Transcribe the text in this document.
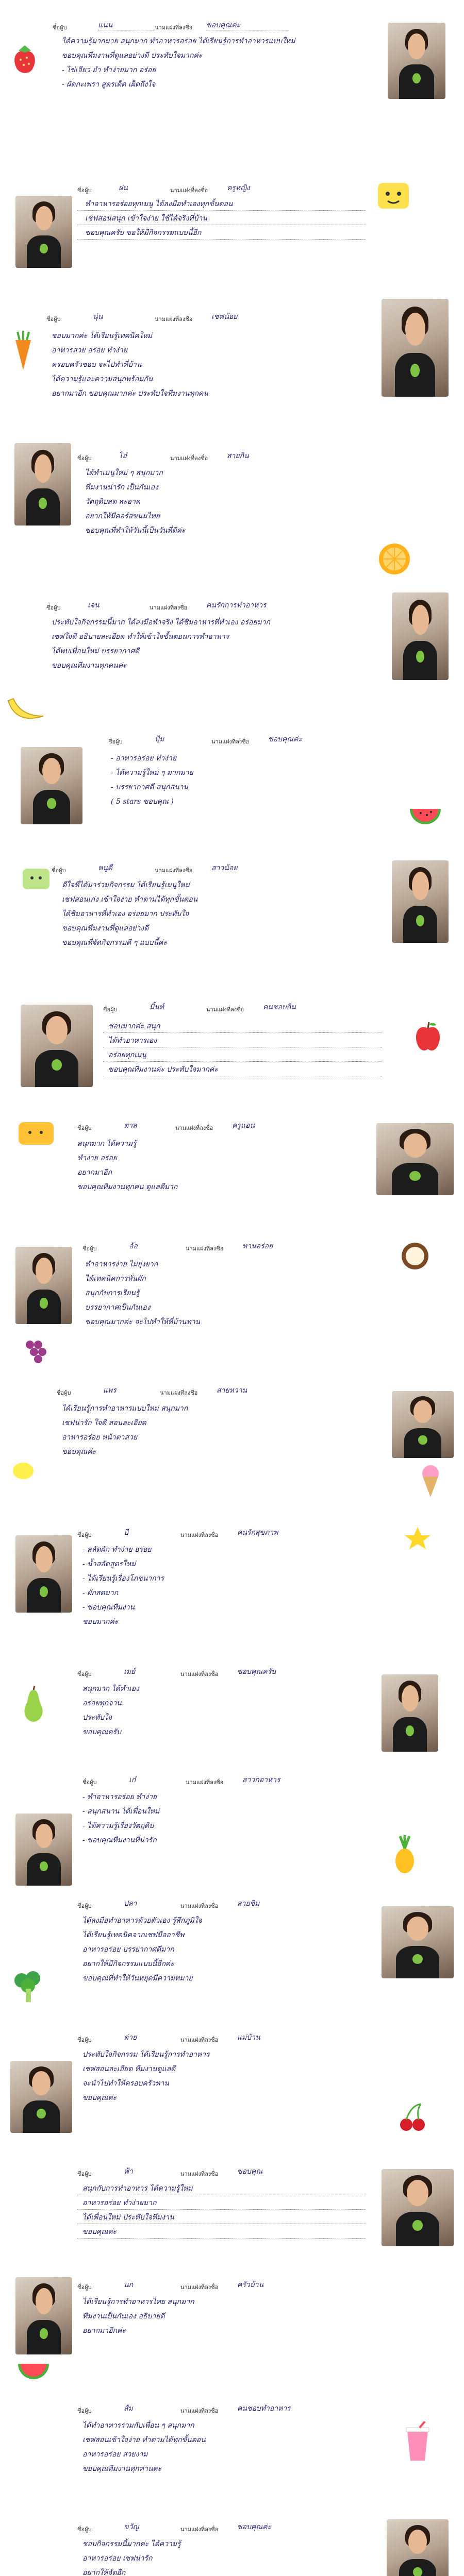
ชื่อผู้บ	แนน	นามแฝงที่ลงชื่อ ขอบคุณค่ะ
ได้ความรู้มากมาย สนุกมาก ทำอาหารอร่อย ได้เรียนรู้การทำอาหารแบบใหม่
ขอบคุณทีมงานที่ดูแลอย่างดี ประทับใจมากค่ะ
- ไข่เจียว ยำ ทำง่ายมาก อร่อย
- ผัดกะเพรา สูตรเด็ด เผ็ดถึงใจ
ชื่อผู้บ	ฝน	นามแฝงที่ลงชื่อ	ครูหญิง
ทำอาหารอร่อยทุกเมนู ได้ลงมือทำเองทุกขั้นตอน
เชฟสอนสนุก เข้าใจง่าย ใช้ได้จริงที่บ้าน
ขอบคุณครับ ขอให้มีกิจกรรมแบบนี้อีก
ชื่อผู้บ	นุ่น	นามแฝงที่ลงชื่อ	เชฟน้อย
ชอบมากค่ะ ได้เรียนรู้เทคนิคใหม่
อาหารสวย อร่อย ทำง่าย
ครอบครัวชอบ จะไปทำที่บ้าน
ได้ความรู้และความสนุกพร้อมกัน
อยากมาอีก ขอบคุณมากค่ะ ประทับใจทีมงานทุกคน
ชื่อผู้บ	โอ๋	นามแฝงที่ลงชื่อ	สายกิน
ได้ทำเมนูใหม่ ๆ สนุกมาก
ทีมงานน่ารัก เป็นกันเอง
วัตถุดิบสด สะอาด
อยากให้มีคอร์สขนมไทย
ขอบคุณที่ทำให้วันนี้เป็นวันที่ดีค่ะ
ชื่อผู้บ	เจน	นามแฝงที่ลงชื่อ	คนรักการทำอาหาร
ประทับใจกิจกรรมนี้มาก ได้ลงมือทำจริง ได้ชิมอาหารที่ทำเอง อร่อยมาก
เชฟใจดี อธิบายละเอียด ทำให้เข้าใจขั้นตอนการทำอาหาร
ได้พบเพื่อนใหม่ บรรยากาศดี
ขอบคุณทีมงานทุกคนค่ะ
ชื่อผู้บ	ปุ้ม	นามแฝงที่ลงชื่อ	ขอบคุณค่ะ
- อาหารอร่อย ทำง่าย
- ได้ความรู้ใหม่ ๆ มากมาย
- บรรยากาศดี สนุกสนาน
( 5 stars ขอบคุณ )
ชื่อผู้บ	หนูดี	นามแฝงที่ลงชื่อ	สาวน้อย
ดีใจที่ได้มาร่วมกิจกรรม ได้เรียนรู้เมนูใหม่
เชฟสอนเก่ง เข้าใจง่าย ทำตามได้ทุกขั้นตอน
ได้ชิมอาหารที่ทำเอง อร่อยมาก ประทับใจ
ขอบคุณทีมงานที่ดูแลอย่างดี
ขอบคุณที่จัดกิจกรรมดี ๆ แบบนี้ค่ะ
ชื่อผู้บ	มิ้นท์	นามแฝงที่ลงชื่อ	คนชอบกิน
ชอบมากค่ะ สนุก
ได้ทำอาหารเอง
อร่อยทุกเมนู
ขอบคุณทีมงานค่ะ ประทับใจมากค่ะ
ชื่อผู้บ	ตาล	นามแฝงที่ลงชื่อ	ครูแอน
สนุกมาก ได้ความรู้
ทำง่าย อร่อย
อยากมาอีก
ขอบคุณทีมงานทุกคน ดูแลดีมาก
ชื่อผู้บ	อ้อ	นามแฝงที่ลงชื่อ	ทานอร่อย
ทำอาหารง่าย ไม่ยุ่งยาก
ได้เทคนิคการหั่นผัก
สนุกกับการเรียนรู้
บรรยากาศเป็นกันเอง
ขอบคุณมากค่ะ จะไปทำให้ที่บ้านทาน
ชื่อผู้บ	แพร	นามแฝงที่ลงชื่อ	สายหวาน
ได้เรียนรู้การทำอาหารแบบใหม่ สนุกมาก
เชฟน่ารัก ใจดี สอนละเอียด
อาหารอร่อย หน้าตาสวย
ขอบคุณค่ะ
ชื่อผู้บ	บี	นามแฝงที่ลงชื่อ	คนรักสุขภาพ
- สลัดผัก ทำง่าย อร่อย
- น้ำสลัดสูตรใหม่
- ได้เรียนรู้เรื่องโภชนาการ
- ผักสดมาก
- ขอบคุณทีมงาน
ชอบมากค่ะ
ชื่อผู้บ	เมย์	นามแฝงที่ลงชื่อ	ขอบคุณครับ
สนุกมาก ได้ทำเอง
อร่อยทุกจาน
ประทับใจ
ขอบคุณครับ
ชื่อผู้บ	เก๋	นามแฝงที่ลงชื่อ	สาวกอาหาร
- ทำอาหารอร่อย ทำง่าย
- สนุกสนาน ได้เพื่อนใหม่
- ได้ความรู้เรื่องวัตถุดิบ
- ขอบคุณทีมงานที่น่ารัก
ชื่อผู้บ	ปลา	นามแฝงที่ลงชื่อ	สายชิม
ได้ลงมือทำอาหารด้วยตัวเอง รู้สึกภูมิใจ
ได้เรียนรู้เทคนิคจากเชฟมืออาชีพ
อาหารอร่อย บรรยากาศดีมาก
อยากให้มีกิจกรรมแบบนี้อีกค่ะ
ขอบคุณที่ทำให้วันหยุดมีความหมาย
ชื่อผู้บ	ต่าย	นามแฝงที่ลงชื่อ	แม่บ้าน
ประทับใจกิจกรรม ได้เรียนรู้การทำอาหาร
เชฟสอนละเอียด ทีมงานดูแลดี
จะนำไปทำให้ครอบครัวทาน
ขอบคุณค่ะ
ชื่อผู้บ	ฟ้า	นามแฝงที่ลงชื่อ	ขอบคุณ
สนุกกับการทำอาหาร ได้ความรู้ใหม่
อาหารอร่อย ทำง่ายมาก
ได้เพื่อนใหม่ ประทับใจทีมงาน
ขอบคุณค่ะ
ชื่อผู้บ	นก	นามแฝงที่ลงชื่อ	ครัวบ้าน
ได้เรียนรู้การทำอาหารไทย สนุกมาก
ทีมงานเป็นกันเอง อธิบายดี
อยากมาอีกค่ะ
ชื่อผู้บ	ส้ม	นามแฝงที่ลงชื่อ	คนชอบทำอาหาร
ได้ทำอาหารร่วมกับเพื่อน ๆ สนุกมาก
เชฟสอนเข้าใจง่าย ทำตามได้ทุกขั้นตอน
อาหารอร่อย สวยงาม
ขอบคุณทีมงานทุกท่านค่ะ
ชื่อผู้บ	ขวัญ	นามแฝงที่ลงชื่อ	ขอบคุณค่ะ
ชอบกิจกรรมนี้มากค่ะ ได้ความรู้
อาหารอร่อย เชฟน่ารัก
อยากให้จัดอีก
